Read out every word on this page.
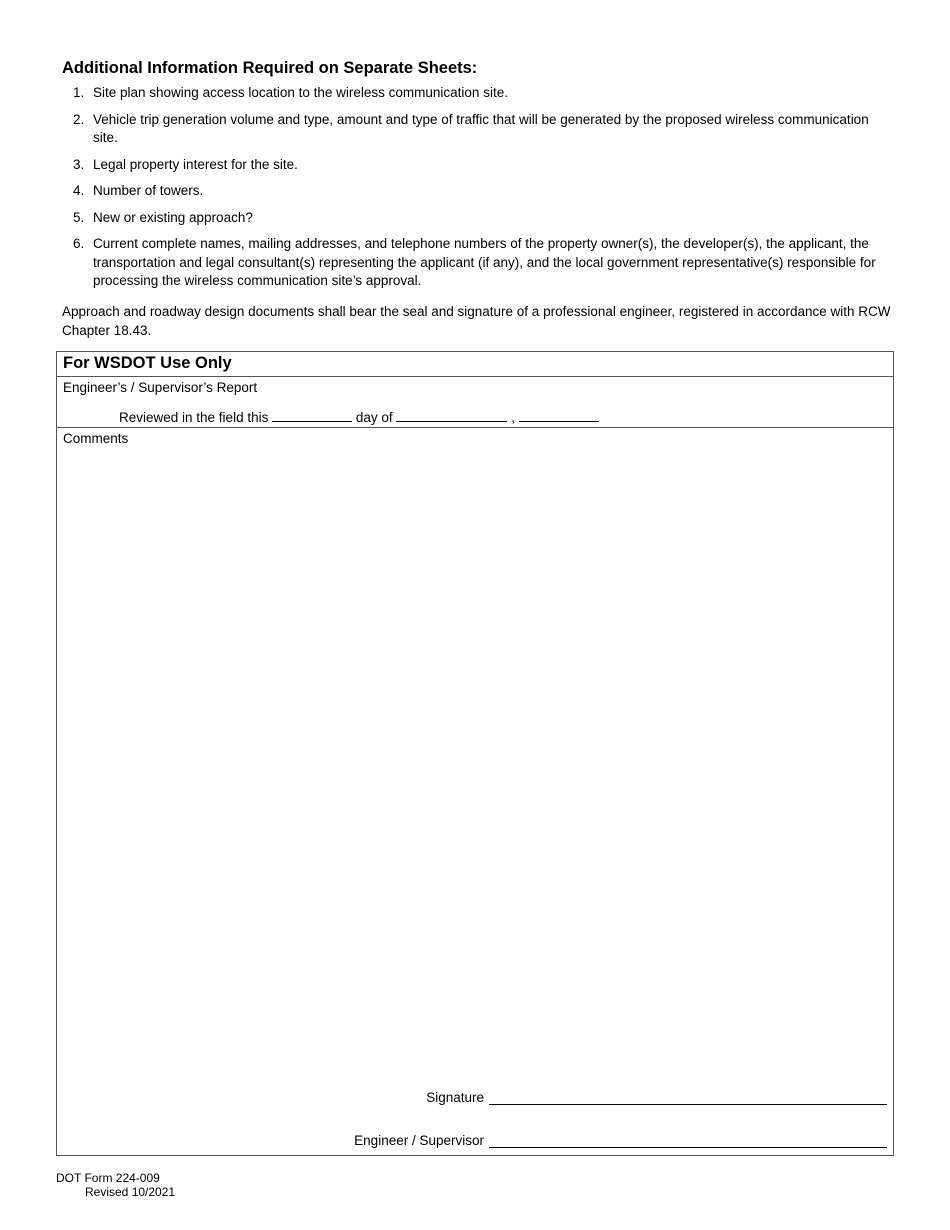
Additional Information Required on Separate Sheets:
1. Site plan showing access location to the wireless communication site.
2. Vehicle trip generation volume and type, amount and type of traffic that will be generated by the proposed wireless communication site.
3. Legal property interest for the site.
4. Number of towers.
5. New or existing approach?
6. Current complete names, mailing addresses, and telephone numbers of the property owner(s), the developer(s), the applicant, the transportation and legal consultant(s) representing the applicant (if any), and the local government representative(s) responsible for processing the wireless communication site’s approval.
Approach and roadway design documents shall bear the seal and signature of a professional engineer, registered in accordance with RCW Chapter 18.43.
For WSDOT Use Only
Engineer’s / Supervisor’s Report
Reviewed in the field this	day of	,
Comments
Signature
Engineer / Supervisor
DOT Form 224-009
Revised 10/2021
